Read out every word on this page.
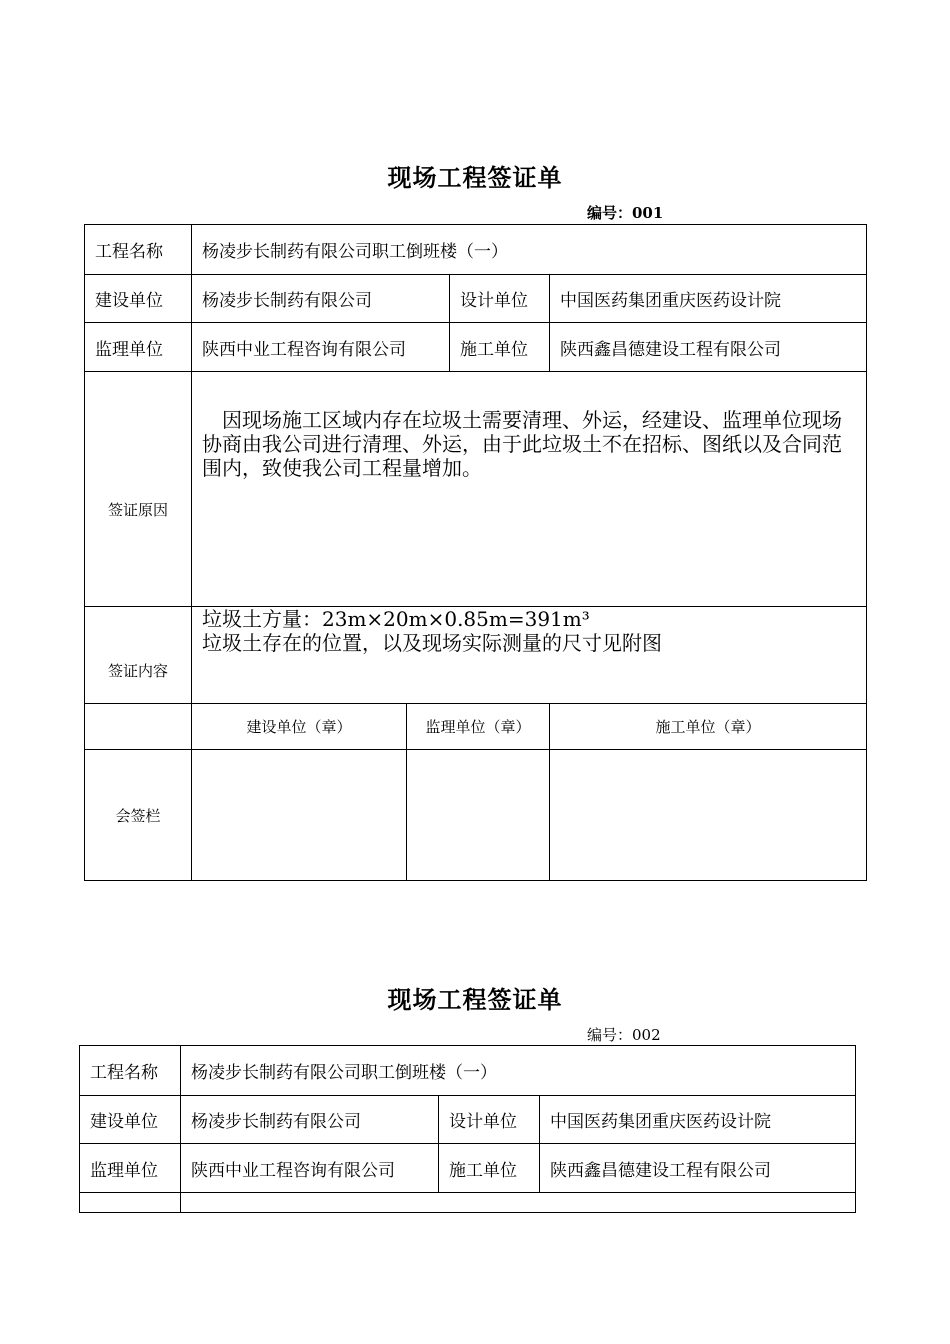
现场工程签证单
编号：001
工程名称	杨凌步长制药有限公司职工倒班楼（一）			
建设单位	杨凌步长制药有限公司		设计单位	中国医药集团重庆医药设计院
监理单位	陕西中业工程咨询有限公司		施工单位	陕西鑫昌德建设工程有限公司
签证原因	　因现场施工区域内存在垃圾土需要清理、外运，经建设、监理单位现场协商由我公司进行清理、外运，由于此垃圾土不在招标、图纸以及合同范围内，致使我公司工程量增加。			
签证内容	垃圾土方量：23m×20m×0.85m=391m³
垃圾土存在的位置，以及现场实际测量的尺寸见附图			

	建设单位（章）	监理单位（章）		施工单位（章）
会签栏				
现场工程签证单
编号：002
工程名称	杨凌步长制药有限公司职工倒班楼（一）		
建设单位	杨凌步长制药有限公司	设计单位	中国医药集团重庆医药设计院
监理单位	陕西中业工程咨询有限公司	施工单位	陕西鑫昌德建设工程有限公司
